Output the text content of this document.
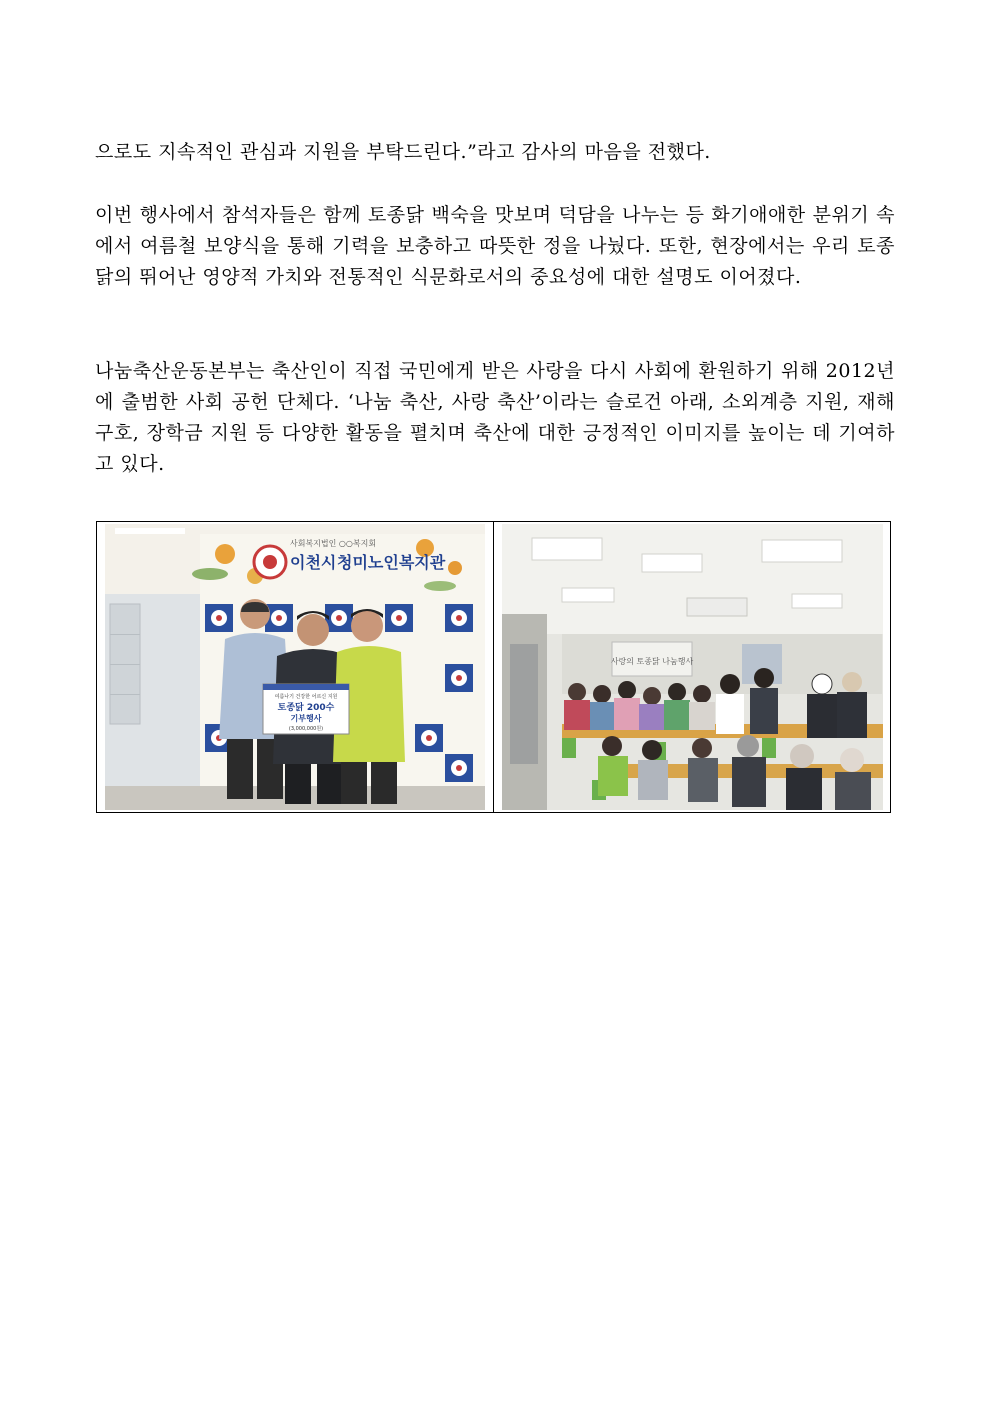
으로도 지속적인 관심과 지원을 부탁드린다.”라고 감사의 마음을 전했다.

이번 행사에서 참석자들은 함께 토종닭 백숙을 맛보며 덕담을 나누는 등 화기애애한 분위기 속에서 여름철 보양식을 통해 기력을 보충하고 따뜻한 정을 나눴다. 또한, 현장에서는 우리 토종닭의 뛰어난 영양적 가치와 전통적인 식문화로서의 중요성에 대한 설명도 이어졌다.

나눔축산운동본부는 축산인이 직접 국민에게 받은 사랑을 다시 사회에 환원하기 위해 2012년에 출범한 사회 공헌 단체다. ‘나눔 축산, 사랑 축산’이라는 슬로건 아래, 소외계층 지원, 재해 구호, 장학금 지원 등 다양한 활동을 펼치며 축산에 대한 긍정적인 이미지를 높이는 데 기여하고 있다.

사회복지법인 ○○복지회
이천시 청미노인복지관
여름나기 건강한 어르신 지원
토종닭 200수
기부행사
(3,000,000원)
사랑의 토종닭 나눔행사
